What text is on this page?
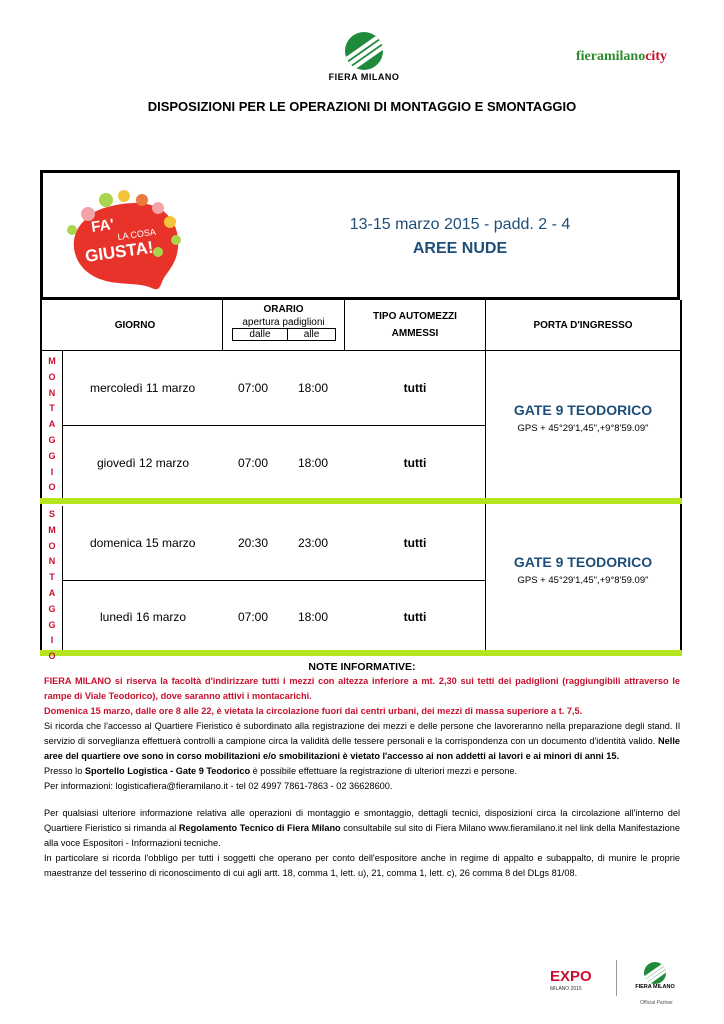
FIERA MILANO
fieramilanocity
DISPOSIZIONI PER LE OPERAZIONI DI MONTAGGIO E SMONTAGGIO
FA' LA COSA
GIUSTA!
13-15 marzo 2015 - padd. 2 - 4
AREE NUDE
GIORNO
ORARIO
apertura padiglioni
dalle	alle
TIPO AUTOMEZZI
AMMESSI
PORTA D'INGRESSO
M
O
N
T
A
G
G
I
O
S
M
O
N
T
A
G
G
I
O
mercoledì 11 marzo	07:00 18:00	tutti
giovedì 12 marzo	07:00 18:00	tutti
GATE 9 TEODORICO
GPS + 45°29'1,45",+9°8'59.09"
domenica 15 marzo	20:30 23:00	tutti
lunedì 16 marzo	07:00 18:00	tutti
GATE 9 TEODORICO
GPS + 45°29'1,45",+9°8'59.09"
NOTE INFORMATIVE:

FIERA MILANO si riserva la facoltà d'indirizzare tutti i mezzi con altezza inferiore a mt. 2,30 sui tetti dei padiglioni (raggiungibili attraverso le rampe di Viale Teodorico), dove saranno attivi i montacarichi.

Domenica 15 marzo, dalle ore 8 alle 22, è vietata la circolazione fuori dai centri urbani, dei mezzi di massa superiore a t. 7,5.

Si ricorda che l'accesso al Quartiere Fieristico è subordinato alla registrazione dei mezzi e delle persone che lavoreranno nella preparazione degli stand. Il servizio di sorveglianza effettuerà controlli a campione circa la validità delle tessere personali e la corrispondenza con un documento d'identità valido. Nelle aree del quartiere ove sono in corso mobilitazioni e/o smobilitazioni è vietato l'accesso ai non addetti ai lavori e ai minori di anni 15.

Presso lo Sportello Logistica - Gate 9 Teodorico è possibile effettuare la registrazione di ulteriori mezzi e persone.

Per informazioni: logisticafiera@fieramilano.it - tel 02 4997 7861-7863 - 02 36628600.

Per qualsiasi ulteriore informazione relativa alle operazioni di montaggio e smontaggio, dettagli tecnici, disposizioni circa la circolazione all'interno del Quartiere Fieristico si rimanda al Regolamento Tecnico di Fiera Milano consultabile sul sito di Fiera Milano www.fieramilano.it nel link della Manifestazione alla voce Espositori - Informazioni tecniche.

In particolare si ricorda l'obbligo per tutti i soggetti che operano per conto dell'espositore anche in regime di appalto e subappalto, di munire le proprie maestranze del tesserino di riconoscimento di cui agli artt. 18, comma 1, lett. u), 21, comma 1, lett. c), 26 comma 8 del DLgs 81/08.

EXPO
MILANO 2015	FIERA MILANO
Official Partner
